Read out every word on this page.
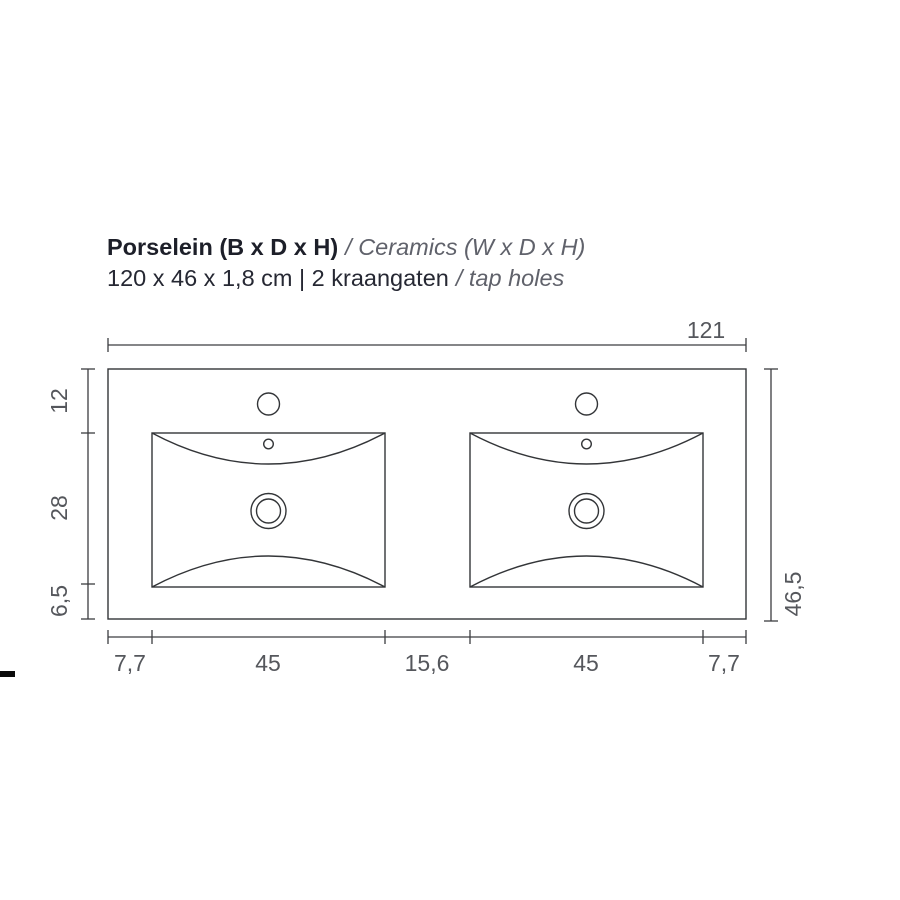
Porselein (B x D x H) / Ceramics (W x D x H)
120 x 46 x 1,8 cm | 2 kraangaten / tap holes
121
12
28
6,5	46,5
7,7	45	15,6	45	7,7
